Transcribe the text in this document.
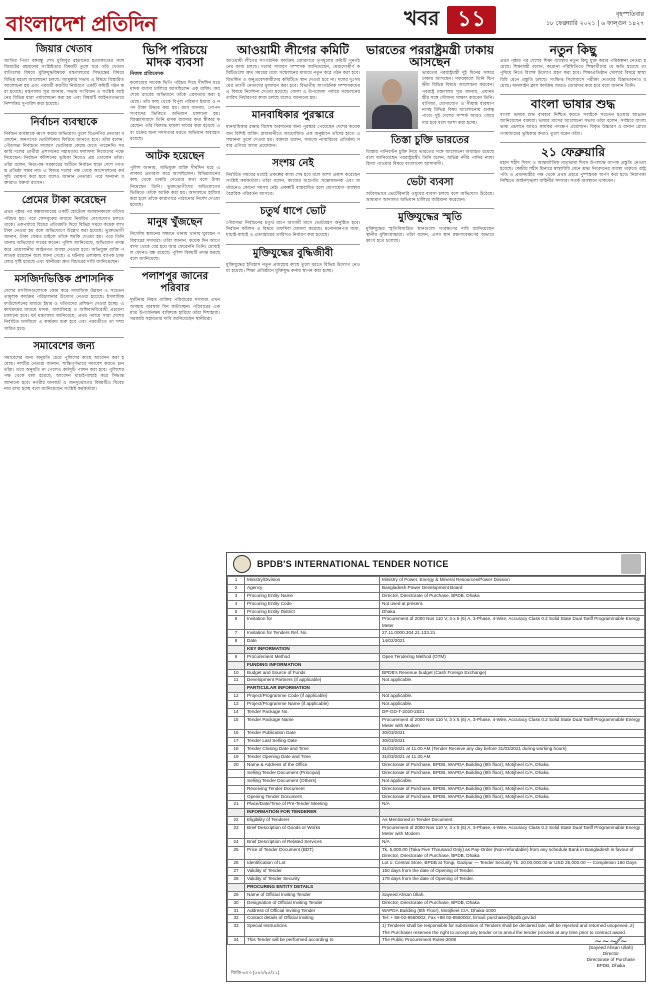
বাংলাদেশ প্রতিদিন	খবর ১১	বৃহস্পতিবার
১৮ ফেব্রুয়ারি ২০২১ | ৬ ফাল্গুন ১৪২৭
জিয়ার খেতাব
জাতির পিতা বঙ্গবন্ধু শেখ মুজিবুর রহমানের হত্যাকাণ্ডের সঙ্গে জিয়াউর রহমানের সংশ্লিষ্টতার বিষয়টি তুলে ধরে তাঁর খেতাব বাতিলের বিষয়ে মুক্তিযুদ্ধবিষয়ক মন্ত্রণালয়ের সিদ্ধান্তের বিষয়ে বিভিন্ন মহলে আলোচনা চলছে। জামুকার সভায় এ বিষয়ে বিস্তারিত আলোচনা হয় এবং পরবর্তী করণীয় নির্ধারণে একটি কমিটি গঠন করা হয়েছে। মন্ত্রণালয় সূত্র জানায়, সভায় সংবিধান ও সংশ্লিষ্ট আইনের বিভিন্ন ধারা পর্যালোচনা করা হয় এবং বিষয়টি আইনগতভাবে নিষ্পত্তির সুপারিশ করা হয়েছে।
নির্বাচন ব্যবস্থাকে
নির্বাচন ব্যবস্থাকে ধ্বংস করার অভিযোগ তুলে বিএনপির নেতারা বলেছেন, জনগণের ভোটাধিকার ফিরিয়ে আনতে হবে। তাঁরা বলেন, পৌরসভা নির্বাচনে সাধারণ ভোটাররা কেন্দ্রে যেতে পারেননি। সরকারি দলের প্রার্থীরা প্রশাসনের সহায়তায় ফলাফল নিজেদের পক্ষে নিয়েছেন। নির্বাচন কমিশনের ভূমিকা নিয়েও প্রশ্ন তোলেন তাঁরা। তাঁরা বলেন, নিরপেক্ষ সরকারের অধীনে নির্বাচন ছাড়া দেশে গণতন্ত্র প্রতিষ্ঠা সম্ভব নয়। এ বিষয়ে দলের পক্ষ থেকে আন্দোলনের কর্মসূচি ঘোষণা করা হবে বলেও জানান নেতারা। পরে অন্যান্য বক্তারাও বক্তব্য রাখেন।
প্রেমের টাকা করেছেন
প্রথম পৃষ্ঠার পর কক্সবাজারের একটি হোটেলে অবস্থানকালে তাঁদের পরিচয় হয়। পরে ফেসবুকের মাধ্যমে নিয়মিত যোগাযোগ চলতে থাকে। একপর্যায়ে বিয়ের প্রতিশ্রুতি দিয়ে বিভিন্ন সময়ে কয়েক লাখ টাকা নেওয়া হয় বলে অভিযোগে উল্লেখ করা হয়েছে। ভুক্তভোগী জানান, টাকা ফেরত চাইলে তাঁকে হুমকি দেওয়া হয়। পরে তিনি থানায় অভিযোগ দায়ের করেন। পুলিশ জানিয়েছে, অভিযোগ তদন্ত করে প্রয়োজনীয় আইনগত ব্যবস্থা নেওয়া হবে। অভিযুক্ত ব্যক্তি পলাতক রয়েছেন বলে জানা গেছে। এ ঘটনায় এলাকায় ব্যাপক চাঞ্চল্যের সৃষ্টি হয়েছে এবং স্থানীয়রা দ্রুত বিচারের দাবি জানিয়েছেন।
মসজিদভিত্তিক প্রশাসনিক
দেশের মসজিদগুলোকে কেন্দ্র করে সামাজিক উন্নয়ন ও সচেতনতামূলক কার্যক্রম পরিচালনার উদ্যোগ নেওয়া হয়েছে। ইসলামিক ফাউন্ডেশনের মাধ্যমে ইমাম ও খতিবদের প্রশিক্ষণ দেওয়া হচ্ছে। এ কার্যক্রমের মাধ্যমে মাদক, বাল্যবিবাহ ও জঙ্গিবাদবিরোধী প্রচারণা চালানো হবে। ধর্ম মন্ত্রণালয় জানিয়েছে, প্রথম পর্যায়ে সারা দেশের নির্বাচিত মসজিদে এ কার্যক্রম শুরু হবে এবং পরবর্তীতে তা সম্প্রসারিত হবে।
সমাবেশের জন্য
সমাবেশের জন্য অনুমতি চেয়ে পুলিশের কাছে আবেদন করা হয়েছে। দলটির নেতারা জানান, শান্তিপূর্ণভাবে সমাবেশ করতে চান তাঁরা। তবে অনুমতি না পেলেও কর্মসূচি পালন করা হবে। পুলিশের পক্ষ থেকে বলা হয়েছে, আবেদন যাচাই-বাছাই করে সিদ্ধান্ত জানানো হবে। নগরীর যানজট ও জনদুর্ভোগের বিষয়টিও বিবেচনায় রাখা হচ্ছে বলে জানিয়েছেন সংশ্লিষ্ট কর্মকর্তারা।
ভিপি পরিচয়ে মাদক ব্যবসা
নিজস্ব প্রতিবেদক
কলেজের সাবেক ভিপি পরিচয় দিয়ে দীর্ঘদিন ধরে মাদক ব্যবসা চালিয়ে আসছিলেন এক ব্যক্তি। অবশেষে র‍্যাবের অভিযানে তাঁকে গ্রেফতার করা হয়েছে। তাঁর কাছ থেকে বিপুল পরিমাণ ইয়াবা ও নগদ টাকা উদ্ধার করা হয়। র‍্যাব জানায়, গোপন সংবাদের ভিত্তিতে অভিযান চালানো হয়। জিজ্ঞাসাবাদে তিনি মাদক ব্যবসার কথা স্বীকার করেছেন। তাঁর বিরুদ্ধে মামলা দায়ের করা হয়েছে এবং চক্রের অন্য সদস্যদের ধরতে অভিযান অব্যাহত রয়েছে।
আটক হয়েছেন
পুলিশ জানায়, অভিযুক্ত ব্যক্তি দীর্ঘদিন ধরে এলাকায় প্রতারণা করে আসছিলেন। বিভিন্নজনের কাছ থেকে চাকরি দেওয়ার কথা বলে টাকা নিয়েছেন তিনি। ভুক্তভোগীদের অভিযোগের ভিত্তিতে তাঁকে আটক করা হয়। আদালতে হাজির করা হলে তাঁকে কারাগারে পাঠানোর নির্দেশ দেওয়া হয়েছে।
মানুষ খুঁজছেন
নিখোঁজ স্বজনের সন্ধানে থানায় থানায় ঘুরছেন পরিবারের সদস্যরা। তাঁরা জানান, কয়েক দিন আগে বাসা থেকে বের হয়ে আর ফেরেননি তিনি। মোবাইল ফোনও বন্ধ রয়েছে। পুলিশ বিষয়টি তদন্ত করছে বলে জানিয়েছে।
পলাশপুর জানের পরিবার
দুর্ঘটনায় নিহত ব্যক্তির পরিবারের সদস্যরা এখন অসহায় অবস্থায় দিন কাটাচ্ছেন। পরিবারের একমাত্র উপার্জনক্ষম ব্যক্তিকে হারিয়ে তাঁরা দিশাহারা। সরকারি সহায়তার দাবি জানিয়েছেন স্থানীয়রা।
আওয়ামী লীগের কমিটি
আওয়ামী লীগের সাংগঠনিক কার্যক্রম জোরদারে তৃণমূলের কমিটি পুনর্গঠনের কাজ চলছে। দলের সাধারণ সম্পাদক জানিয়েছেন, মেয়াদোত্তীর্ণ কমিটিগুলো দ্রুত সময়ের মধ্যে সম্মেলনের মাধ্যমে নতুন করে গঠন করা হবে। বিতর্কিত ও অনুপ্রবেশকারীদের কমিটিতে স্থান দেওয়া হবে না। দলের দুঃসময়ের ত্যাগী নেতাদের মূল্যায়ন করা হবে। বিভাগীয় সাংগঠনিক সম্পাদকদের এ বিষয়ে নির্দেশনা দেওয়া হয়েছে। জেলা ও উপজেলা পর্যায়ে সম্মেলনের তারিখ নির্ধারণের কাজ চলছে বলেও জানানো হয়।
মানবাধিকার পুরস্কারে
মানবাধিকার রক্ষায় বিশেষ অবদানের জন্য পুরস্কার পেয়েছেন দেশের কয়েকজন বিশিষ্ট ব্যক্তি। রাজধানীতে আয়োজিত এক অনুষ্ঠানে তাঁদের হাতে এ সম্মাননা তুলে দেওয়া হয়। বক্তারা বলেন, সমাজে ন্যায়বিচার প্রতিষ্ঠায় সবার এগিয়ে আসা প্রয়োজন।
সংশয় নেই
নির্ধারিত সময়ের মধ্যেই প্রকল্পের কাজ শেষ হবে বলে আশা প্রকাশ করেছেন সংশ্লিষ্ট কর্মকর্তারা। তাঁরা বলেন, কাজের অগ্রগতি সন্তোষজনক এবং অর্থায়নেও কোনো সমস্যা নেই। প্রকল্পটি বাস্তবায়িত হলে যোগাযোগ ব্যবস্থায় বৈপ্লবিক পরিবর্তন আসবে।
চতুর্থ ধাপে ভোট
পৌরসভা নির্বাচনের চতুর্থ ধাপে আগামী মাসে ভোটগ্রহণ অনুষ্ঠিত হবে। নির্বাচন কমিশন এ বিষয়ে তফসিল ঘোষণা করেছে। মনোনয়নপত্র জমা, যাচাই-বাছাই ও প্রত্যাহারের তারিখও নির্ধারণ করা হয়েছে।
মুক্তিযুদ্ধের বুদ্ধিজীবী
মুক্তিযুদ্ধের ইতিহাস নতুন প্রজন্মের কাছে তুলে ধরতে বিভিন্ন উদ্যোগ নেওয়া হয়েছে। শিক্ষা প্রতিষ্ঠানে মুক্তিযুদ্ধ কর্নার স্থাপন করা হচ্ছে।
ভারতের পররাষ্ট্রমন্ত্রী ঢাকায় আসছেন
ভারতের পররাষ্ট্রমন্ত্রী দুই দিনের সফরে ঢাকায় আসছেন। সফরকালে তিনি দ্বিপক্ষীয় বিভিন্ন বিষয়ে আলোচনা করবেন। পররাষ্ট্র মন্ত্রণালয় সূত্র জানায়, প্রধানমন্ত্রীর সঙ্গে সৌজন্য সাক্ষাৎ করবেন তিনি। বাণিজ্য, যোগাযোগ ও সীমান্ত ব্যবস্থাপনাসহ বিভিন্ন বিষয় আলোচনায় গুরুত্ব পাবে। দুই দেশের সম্পর্ক আরও জোরদার হবে বলে আশা করা হচ্ছে।
তিস্তা চুক্তি ভারতের
তিস্তার পানিবণ্টন চুক্তি নিয়ে ভারতের সঙ্গে আলোচনা অব্যাহত রয়েছে বলে জানিয়েছেন পররাষ্ট্রমন্ত্রী। তিনি বলেন, অভিন্ন নদীর পানির ন্যায্য হিস্যা পাওয়ার বিষয়ে বাংলাদেশ আশাবাদী।
ভেটা ব্যবসা
অবৈধভাবে ভেটেরিনারি ওষুধের ব্যবসা চলছে বলে অভিযোগ উঠেছে। ভ্রাম্যমাণ আদালত অভিযান চালিয়ে জরিমানা করেছেন।
মুক্তিযুদ্ধের স্মৃতি
মুক্তিযুদ্ধের স্মৃতিবিজড়িত স্থানগুলো সংরক্ষণের দাবি জানিয়েছেন স্থানীয় মুক্তিযোদ্ধারা। তাঁরা বলেন, এসব স্থান রক্ষণাবেক্ষণের অভাবে ধ্বংস হতে চলেছে।
নতুন কিছু
প্রথম পৃষ্ঠার পর দেশের শিক্ষা ব্যবস্থায় নতুন কিছু যুক্ত করার পরিকল্পনা নেওয়া হয়েছে। শিক্ষামন্ত্রী বলেন, করোনা পরিস্থিতিতে শিক্ষার্থীদের যে ক্ষতি হয়েছে তা পুষিয়ে নিতে বিশেষ উদ্যোগ গ্রহণ করা হবে। শিক্ষাপ্রতিষ্ঠান খোলার বিষয়ে স্বাস্থ্যবিধি মেনে প্রস্তুতি চলছে। সংক্ষিপ্ত সিলেবাসে পরীক্ষা নেওয়ার চিন্তাভাবনাও রয়েছে। অনলাইন ক্লাস কার্যক্রম আরও জোরদার করা হবে বলে জানান তিনি।
বাংলা ভাষার শুদ্ধ
বাংলা ভাষার শুদ্ধ ব্যবহার নিশ্চিত করতে সবাইকে সচেতন হওয়ার আহ্বান জানিয়েছেন বক্তারা। ভাষার মাসের আলোচনা সভায় তাঁরা বলেন, সর্বস্তরে বাংলা ভাষা প্রচলনে আরও কার্যকর পদক্ষেপ প্রয়োজন। বিকৃত উচ্চারণ ও বানান রোধে গণমাধ্যমের ভূমিকার কথাও তুলে ধরেন তাঁরা।
২১ ফেব্রুয়ারি
মহান শহীদ দিবস ও আন্তর্জাতিক মাতৃভাষা দিবস উপলক্ষে ব্যাপক প্রস্তুতি নেওয়া হয়েছে। কেন্দ্রীয় শহীদ মিনারে স্বাস্থ্যবিধি মেনে শ্রদ্ধা নিবেদনের ব্যবস্থা থাকবে। রাষ্ট্রপতি ও প্রধানমন্ত্রীর পক্ষ থেকে প্রথম প্রহরে পুষ্পস্তবক অর্পণ করা হবে। নিরাপত্তা নিশ্চিতে আইনশৃঙ্খলা বাহিনীর সদস্যরা সতর্ক অবস্থানে থাকবেন।
BPDB'S INTERNATIONAL TENDER NOTICE
1	Ministry/Division	Ministry of Power, Energy & Mineral Resources/Power Division
2	Agency	Bangladesh Power Development Board
3	Procuring Entity Name	Director, Directorate of Purchase, BPDB, Dhaka
4	Procuring Entity Code	Not used at present.
5	Procuring Entity District	Dhaka
6	Invitation for	Procurement of 2000 Nos 110 V, 3 x 5 (6) A, 3-Phase, 4-Wire, Accuracy Class 0.2 Solid State Dual Tariff Programmable Energy Meter
7	Invitation for Tenders Ref. No.	27.11.0000.304.21.133.21
8	Date	14/02/2021
	KEY INFORMATION	
9	Procurement Method	Open Tendering Method (OTM)
	FUNDING INFORMATION	
10	Budget and Source of Funds	BPDB's Revenue budget (Cash Foreign Exchange)
11	Development Partners (if applicable)	Not applicable.
	PARTICULAR INFORMATION	
12	Project/Programme Code (if applicable)	Not applicable.
13	Project/Programme Name (if applicable)	Not applicable.
14	Tender Package No.	DP-GD-T-2020-2021
15	Tender Package Name	Procurement of 2000 Nos 110 V, 3 x 5 (6) A, 3-Phase, 4-Wire, Accuracy Class 0.2 Solid State Dual Tariff Programmable Energy Meter with Modem
16	Tender Publication Date	30/03/2021
17	Tender Last Selling Date	30/03/2021
18	Tender Closing Date and Time	31/03/2021 at 11.00 AM (Tender Receive any day before 31/03/2021 during working hours)
19	Tender Opening Date and Time	31/03/2021 at 11.30 AM
20	Name & Address of the Office	Directorate of Purchase, BPDB, WAPDA Building (8th floor), Motijheel C/A, Dhaka.
	Selling Tender Document (Principal)	Directorate of Purchase, BPDB, WAPDA Building (8th floor), Motijheel C/A, Dhaka.
	Selling Tender Document (Others)	Not applicable.
	Receiving Tender Document	Directorate of Purchase, BPDB, WAPDA Building (8th floor), Motijheel C/A, Dhaka.
	Opening Tender Document	Directorate of Purchase, BPDB, WAPDA Building (8th floor), Motijheel C/A, Dhaka.
21	Place/Date/Time of Pre-Tender Meeting	N/A
	INFORMATION FOR TENDERER	
22	Eligibility of Tenderer	As Mentioned in Tender Document
23	Brief Description of Goods or Works	Procurement of 2000 Nos 110 V, 3 x 5 (6) A, 3-Phase, 4-Wire, Accuracy Class 0.2 Solid State Dual Tariff Programmable Energy Meter with Modem
24	Brief Description of Related Services	N/A
25	Price of Tender Document (BDT)	Tk. 5,000.00 (Taka Five Thousand Only) as Pay-Order (Non-refundable) from any schedule Bank in Bangladesh in favour of Director, Directorate of Purchase, BPDB, Dhaka
26	Identification of Lot	Lot 1: Central Store, BPDB at Tongi, Gazipur — Tender Security Tk. 20,00,000.00 or USD 25,000.00 — Completion 180 Days
27	Validity of Tender	150 days from the date of Opening of Tender.
28	Validity of Tender Security	178 days from the date of Opening of Tender.
	PROCURING ENTITY DETAILS	
29	Name of Official Inviting Tender	Sayeed Ahsan Ullah.
30	Designation of Official Inviting Tender	Director, Directorate of Purchase, BPDB, Dhaka
31	Address of Official Inviting Tender	WAPDA Building (8th Floor), Motijheel C/A, Dhaka-1000
32	Contact details of Official Inviting	Tel: + 88-02-9560002, Fax +88 02-9560002, Email: purchase@bpdb.gov.bd
33	Special Instructions	1) Tenderer shall be responsible for submission of Tenders shall be declared late, will be rejected and returned unopened. 2) The Purchaser reserves the right to accept any tender or to annul the tender process at any time prior to contract award.
34	This Tender will be performed according to	The Public Procurement Rules-2008	~~~⁄⁄~
(Sayeed Ahsan Ullah)
Director
Directorate of Purchase
BPDB, Dhaka
জিডি-৬০৩ (৫৪০/৯৫/২১)
